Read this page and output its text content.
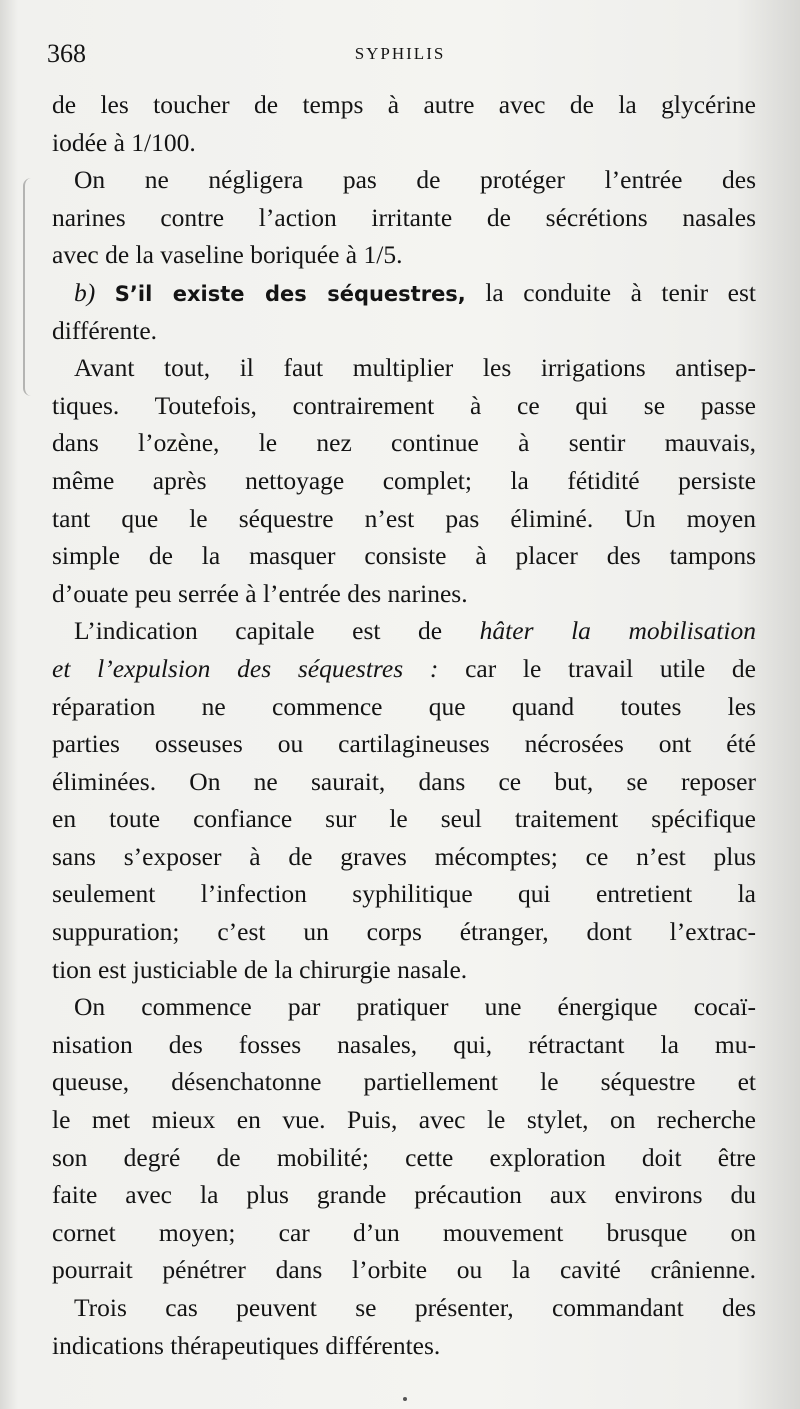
368	SYPHILIS
de les toucher de temps à autre avec de la glycérine
iodée à 1/100.
On ne négligera pas de protéger l’entrée des
narines contre l’action irritante de sécrétions nasales
avec de la vaseline boriquée à 1/5.
b) S’il existe des séquestres, la conduite à tenir est
différente.
Avant tout, il faut multiplier les irrigations antisep-
tiques. Toutefois, contrairement à ce qui se passe
dans l’ozène, le nez continue à sentir mauvais,
même après nettoyage complet; la fétidité persiste
tant que le séquestre n’est pas éliminé. Un moyen
simple de la masquer consiste à placer des tampons
d’ouate peu serrée à l’entrée des narines.
L’indication capitale est de hâter la mobilisation
et l’expulsion des séquestres : car le travail utile de
réparation ne commence que quand toutes les
parties osseuses ou cartilagineuses nécrosées ont été
éliminées. On ne saurait, dans ce but, se reposer
en toute confiance sur le seul traitement spécifique
sans s’exposer à de graves mécomptes; ce n’est plus
seulement l’infection syphilitique qui entretient la
suppuration; c’est un corps étranger, dont l’extrac-
tion est justiciable de la chirurgie nasale.
On commence par pratiquer une énergique cocaï-
nisation des fosses nasales, qui, rétractant la mu-
queuse, désenchatonne partiellement le séquestre et
le met mieux en vue. Puis, avec le stylet, on recherche
son degré de mobilité; cette exploration doit être
faite avec la plus grande précaution aux environs du
cornet moyen; car d’un mouvement brusque on
pourrait pénétrer dans l’orbite ou la cavité crânienne.
Trois cas peuvent se présenter, commandant des
indications thérapeutiques différentes.
